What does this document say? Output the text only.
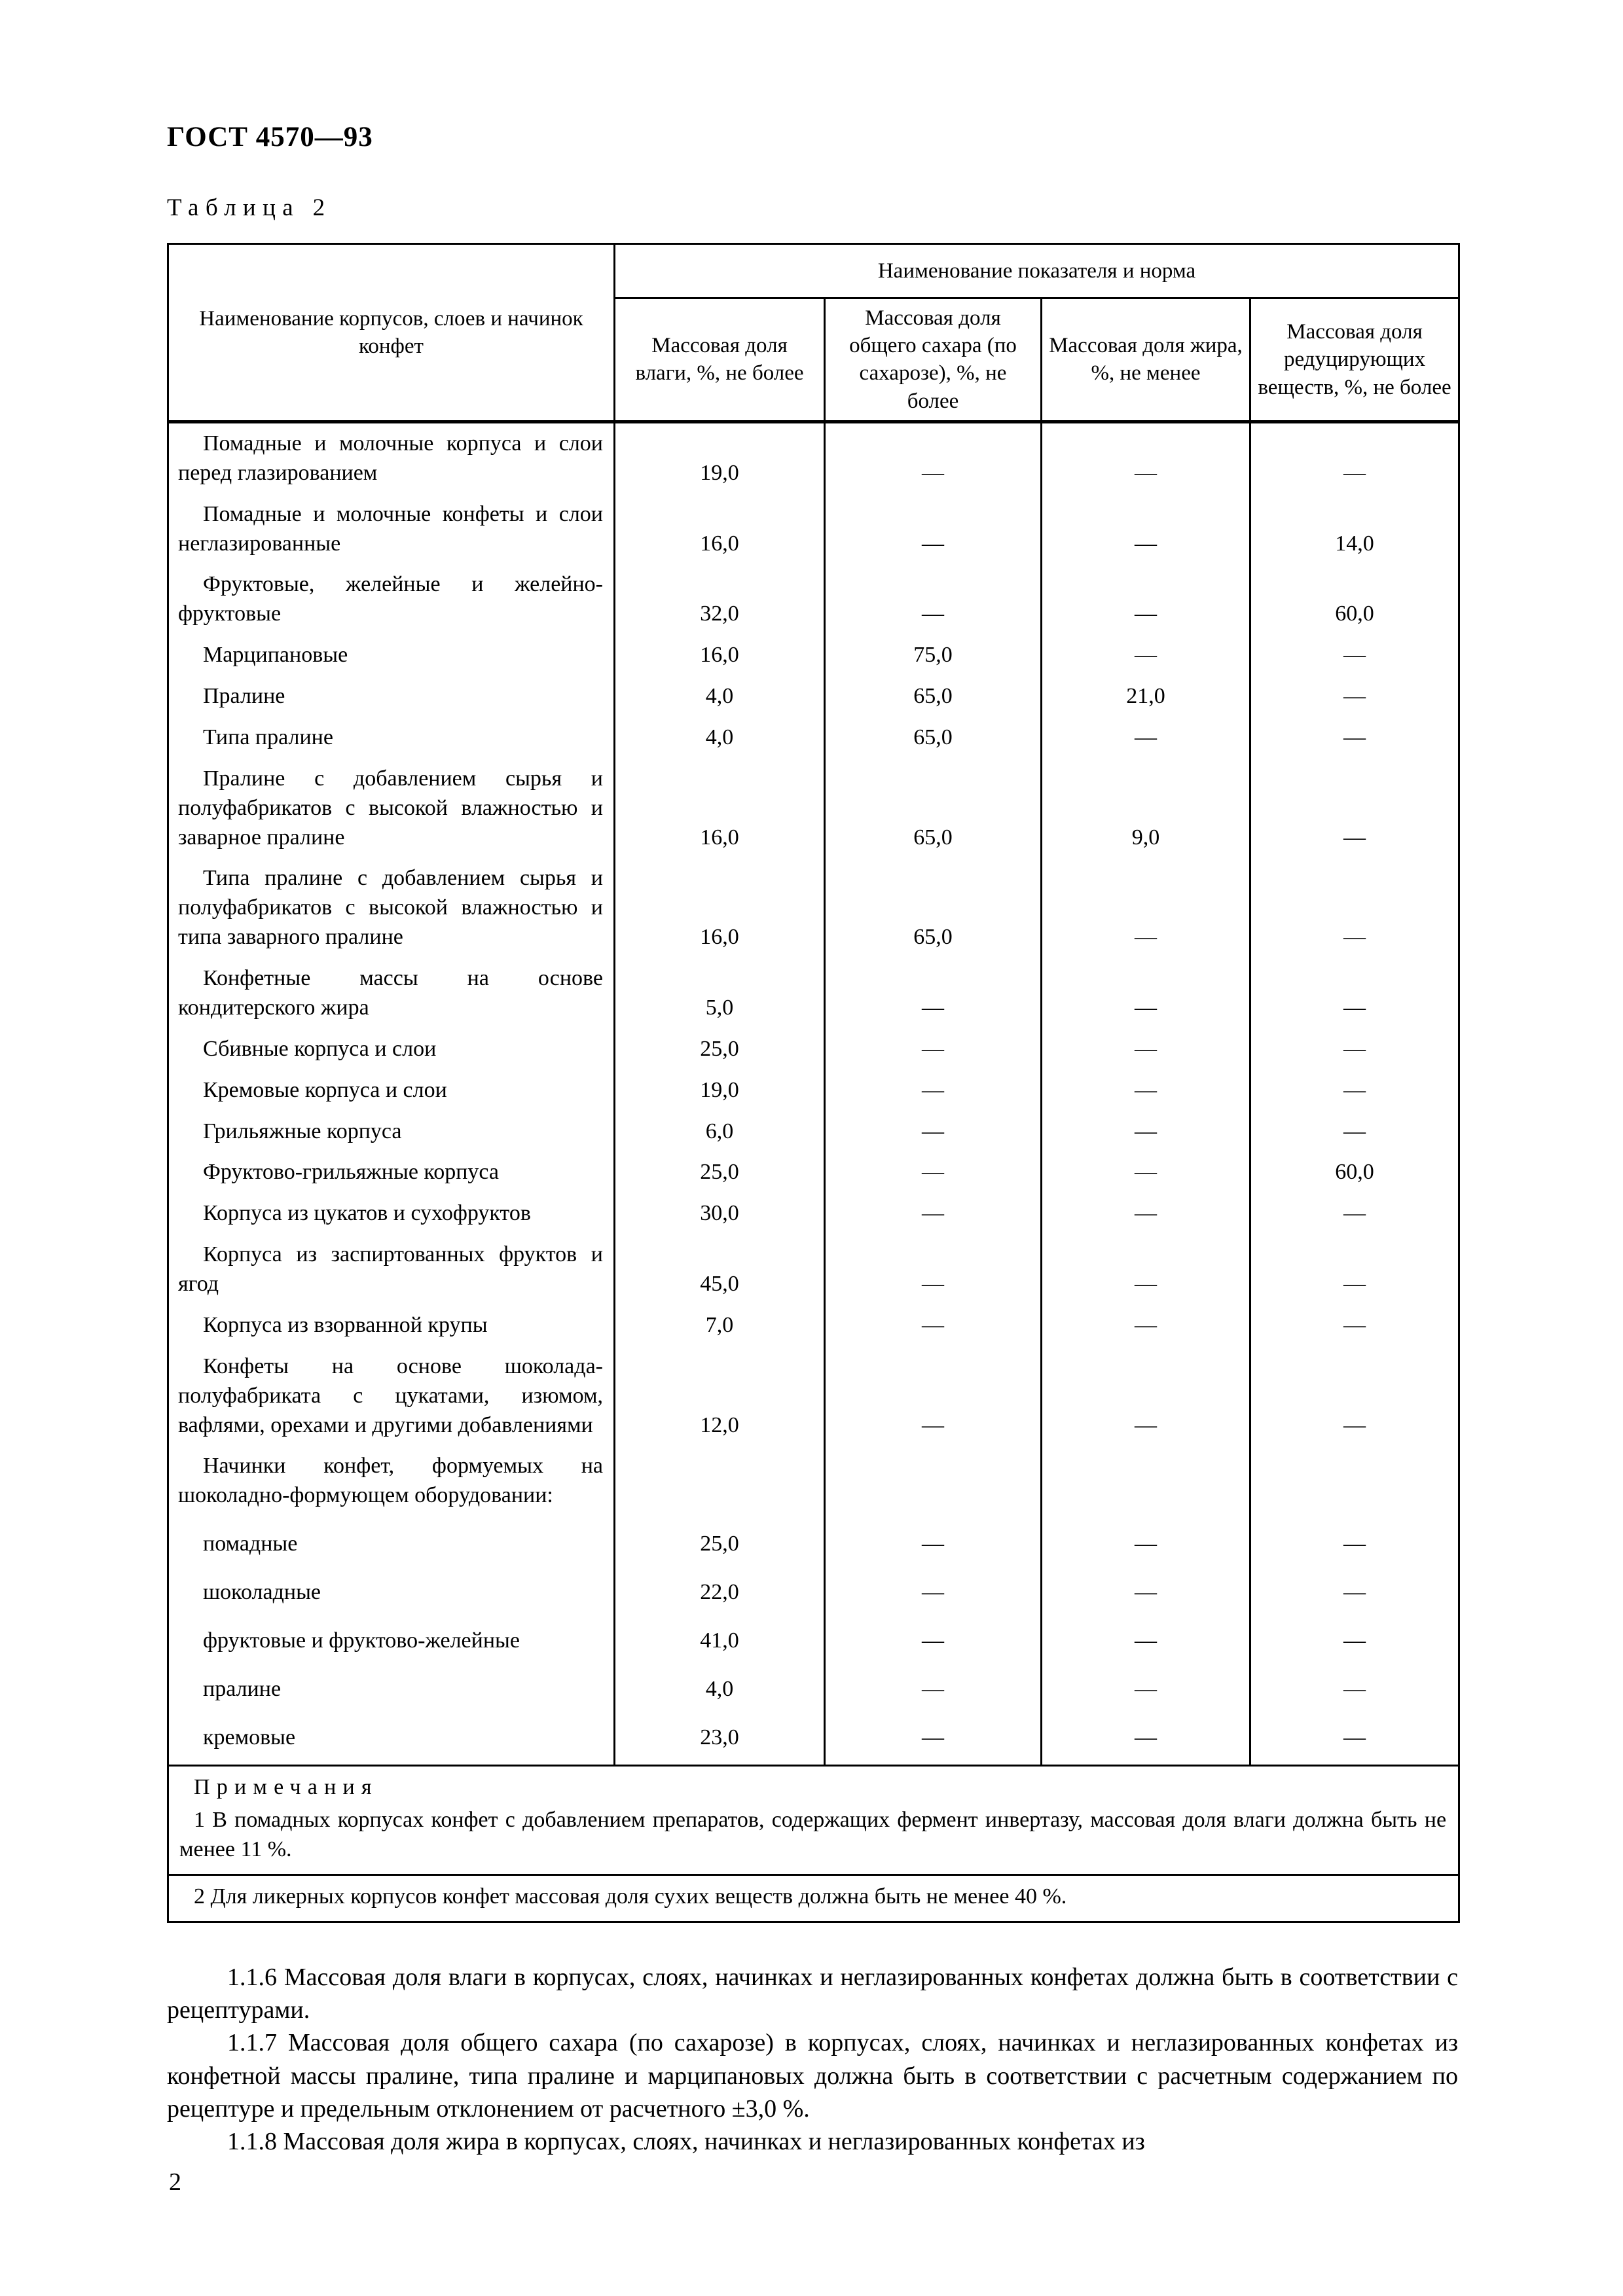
ГОСТ 4570—93
Таблица 2
Наименование корпусов, слоев и начинок конфет	Наименование показателя и норма			
	Массовая доля влаги, %, не более	Массовая доля общего сахара (по сахарозе), %, не более	Массовая доля жира, %, не менее	Массовая доля редуцирующих веществ, %, не более
Помадные и молочные корпуса и слои перед глазированием	19,0	—	—	—
Помадные и молочные конфеты и слои неглазированные	16,0	—	—	14,0
Фруктовые, желейные и желейно-фруктовые	32,0	—	—	60,0
Марципановые	16,0	75,0	—	—
Пралине	4,0	65,0	21,0	—
Типа пралине	4,0	65,0	—	—
Пралине с добавлением сырья и полуфабрикатов с высокой влажностью и заварное пралине	16,0	65,0	9,0	—
Типа пралине с добавлением сырья и полуфабрикатов с высокой влажностью и типа заварного пралине	16,0	65,0	—	—
Конфетные массы на основе кондитерского жира	5,0	—	—	—
Сбивные корпуса и слои	25,0	—	—	—
Кремовые корпуса и слои	19,0	—	—	—
Грильяжные корпуса	6,0	—	—	—
Фруктово-грильяжные корпуса	25,0	—	—	60,0
Корпуса из цукатов и сухофруктов	30,0	—	—	—
Корпуса из заспиртованных фруктов и ягод	45,0	—	—	—
Корпуса из взорванной крупы	7,0	—	—	—
Конфеты на основе шоколада-полуфабриката с цукатами, изюмом, вафлями, орехами и другими добавлениями	12,0	—	—	—
Начинки конфет, формуемых на шоколадно-формующем оборудовании:				
помадные	25,0	—	—	—
шоколадные	22,0	—	—	—
фруктовые и фруктово-желейные	41,0	—	—	—
пралине	4,0	—	—	—
кремовые	23,0	—	—	—

Примечания
1 В помадных корпусах конфет с добавлением препаратов, содержащих фермент инвертазу, массовая доля влаги должна быть не менее 11 %.				

2 Для ликерных корпусов конфет массовая доля сухих веществ должна быть не менее 40 %.				

1.1.6 Массовая доля влаги в корпусах, слоях, начинках и неглазированных конфетах должна быть в соответствии с рецептурами.

1.1.7 Массовая доля общего сахара (по сахарозе) в корпусах, слоях, начинках и неглазированных конфетах из конфетной массы пралине, типа пралине и марципановых должна быть в соответствии с расчетным содержанием по рецептуре и предельным отклонением от расчетного ±3,0 %.

1.1.8 Массовая доля жира в корпусах, слоях, начинках и неглазированных конфетах из

2
